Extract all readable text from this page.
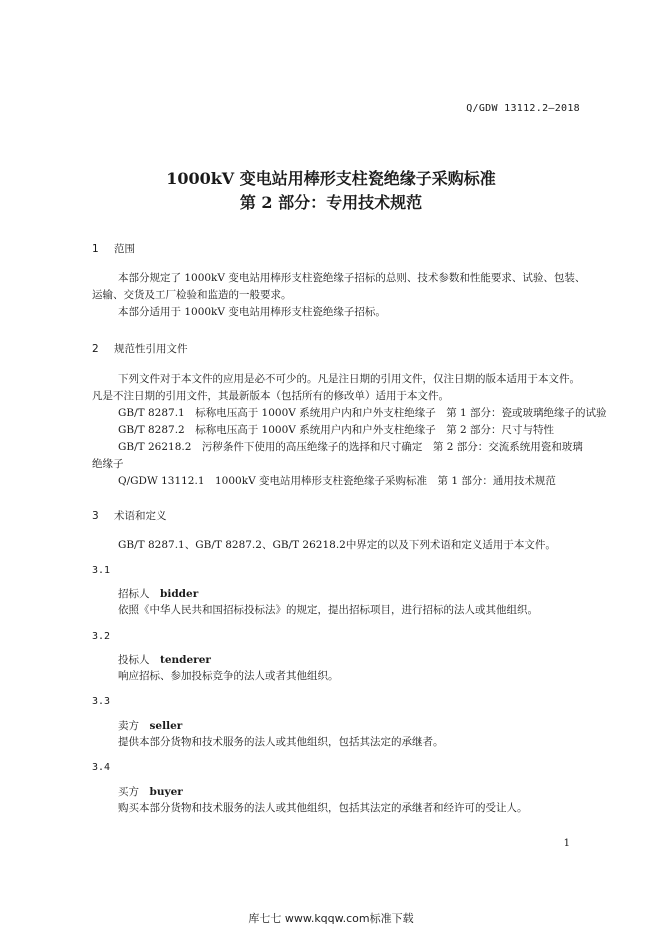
Q/GDW 13112.2—2018
1000kV 变电站用棒形支柱瓷绝缘子采购标准
第 2 部分：专用技术规范
1 范围
本部分规定了 1000kV 变电站用棒形支柱瓷绝缘子招标的总则、技术参数和性能要求、试验、包装、
运输、交货及工厂检验和监造的一般要求。
本部分适用于 1000kV 变电站用棒形支柱瓷绝缘子招标。
2 规范性引用文件
下列文件对于本文件的应用是必不可少的。凡是注日期的引用文件，仅注日期的版本适用于本文件。
凡是不注日期的引用文件，其最新版本（包括所有的修改单）适用于本文件。
GB/T 8287.1　标称电压高于 1000V 系统用户内和户外支柱绝缘子　第 1 部分：瓷或玻璃绝缘子的试验
GB/T 8287.2　标称电压高于 1000V 系统用户内和户外支柱绝缘子　第 2 部分：尺寸与特性
GB/T 26218.2　污秽条件下使用的高压绝缘子的选择和尺寸确定　第 2 部分：交流系统用瓷和玻璃
绝缘子
Q/GDW 13112.1　1000kV 变电站用棒形支柱瓷绝缘子采购标准　第 1 部分：通用技术规范
3 术语和定义
GB/T 8287.1、GB/T 8287.2、GB/T 26218.2中界定的以及下列术语和定义适用于本文件。
3.1
招标人　 bidder
依照《中华人民共和国招标投标法》的规定，提出招标项目，进行招标的法人或其他组织。
3.2
投标人　 tenderer
响应招标、参加投标竞争的法人或者其他组织。
3.3
卖方　 seller
提供本部分货物和技术服务的法人或其他组织，包括其法定的承继者。
3.4
买方　 buyer
购买本部分货物和技术服务的法人或其他组织，包括其法定的承继者和经许可的受让人。
1
库七七 www.kqqw.com标准下载
